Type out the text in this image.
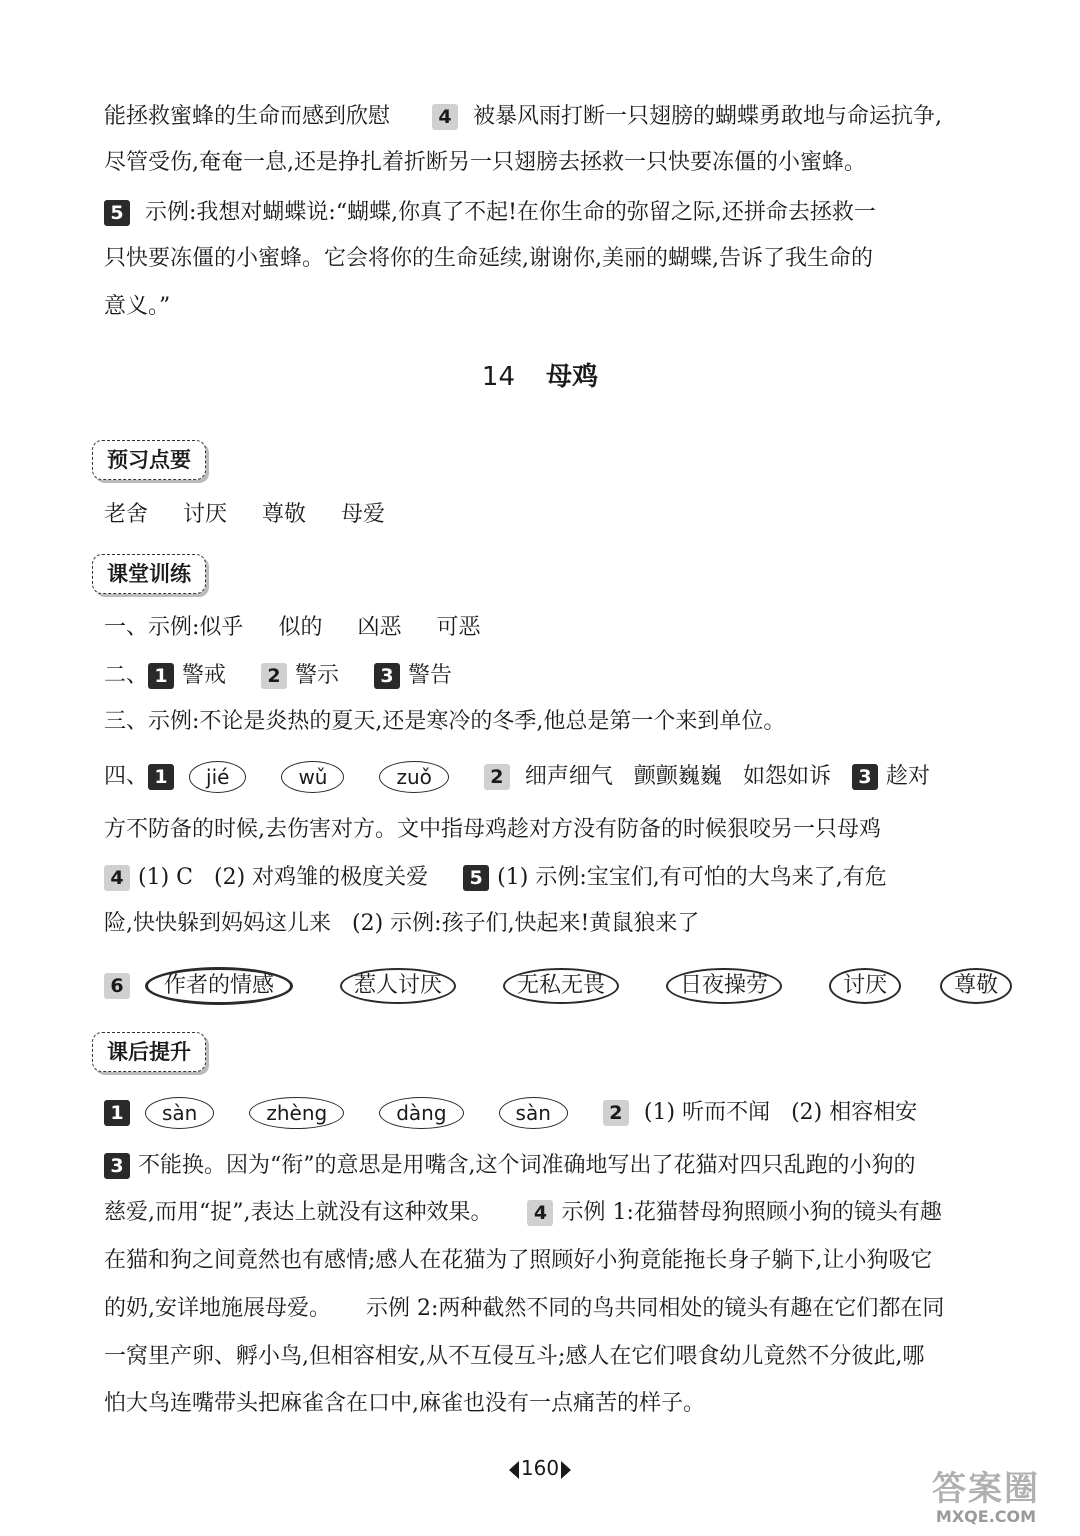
能拯救蜜蜂的生命而感到欣慰	4 被暴风雨打断一只翅膀的蝴蝶勇敢地与命运抗争,
尽管受伤,奄奄一息,还是挣扎着折断另一只翅膀去拯救一只快要冻僵的小蜜蜂。
5 示例:我想对蝴蝶说:“蝴蝶,你真了不起!在你生命的弥留之际,还拼命去拯救一
只快要冻僵的小蜜蜂。它会将你的生命延续,谢谢你,美丽的蝴蝶,告诉了我生命的
意义。”
14 母鸡
预习点要
老舍 讨厌 尊敬 母爱
课堂训练
一、示例:似乎 似的 凶恶 可恶
二、 1 警戒 2 警示 3 警告
三、示例:不论是炎热的夏天,还是寒冷的冬季,他总是第一个来到单位。
四、 1 jié	wǔ	zuǒ	2 细声细气 颤颤巍巍 如怨如诉 3 趁对
方不防备的时候,去伤害对方。文中指母鸡趁对方没有防备的时候狠咬另一只母鸡
4 (1) C (2) 对鸡雏的极度关爱 5 (1) 示例:宝宝们,有可怕的大鸟来了,有危
险,快快躲到妈妈这儿来 (2) 示例:孩子们,快起来!黄鼠狼来了
6 作者的情感	惹人讨厌	无私无畏	日夜操劳	讨厌	尊敬
课后提升
1 sàn	zhèng	dàng	sàn	2 (1) 听而不闻 (2) 相容相安
3 不能换。因为“衔”的意思是用嘴含,这个词准确地写出了花猫对四只乱跑的小狗的
慈爱,而用“捉”,表达上就没有这种效果。 4 示例 1:花猫替母狗照顾小狗的镜头有趣
在猫和狗之间竟然也有感情;感人在花猫为了照顾好小狗竟能拖长身子躺下,让小狗吸它
的奶,安详地施展母爱。 示例 2:两种截然不同的鸟共同相处的镜头有趣在它们都在同
一窝里产卵、孵小鸟,但相容相安,从不互侵互斗;感人在它们喂食幼儿竟然不分彼此,哪
怕大鸟连嘴带头把麻雀含在口中,麻雀也没有一点痛苦的样子。
160
答案圈
MXQE.COM
